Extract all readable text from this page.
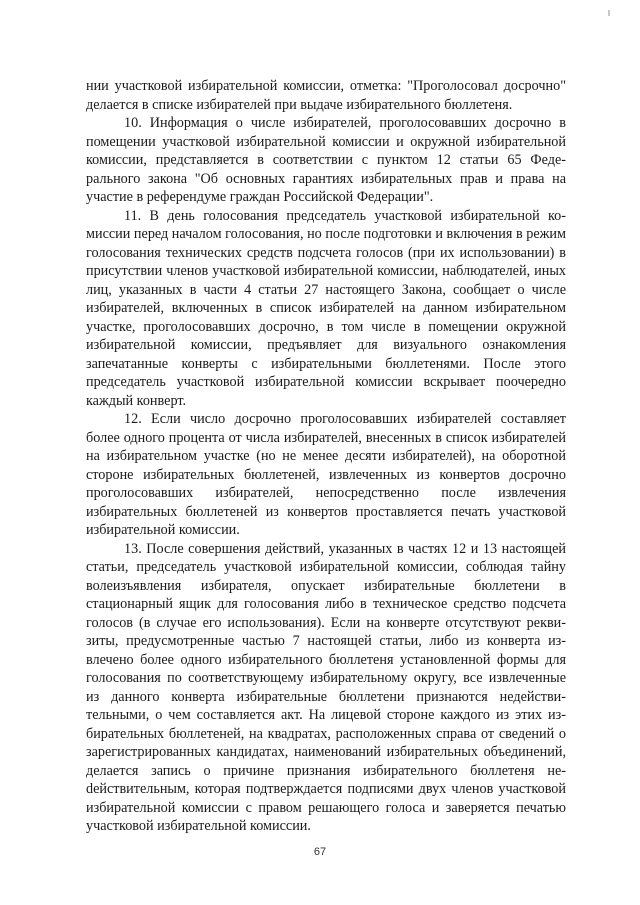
нии участковой избирательной комиссии, отметка: "Проголосовал досрочно" делается в списке избирателей при выдаче избирательного бюллетеня.

10. Информация о числе избирателей, проголосовавших досрочно в помещении участковой избирательной комиссии и окружной избирательной комиссии, представляется в соответствии с пунктом 12 статьи 65 Федерального закона "Об основных гарантиях избирательных прав и права на участие в референдуме граждан Российской Федерации".

11. В день голосования председатель участковой избирательной комиссии перед началом голосования, но после подготовки и включения в режим голосования технических средств подсчета голосов (при их использовании) в присутствии членов участковой избирательной комиссии, наблюдателей, иных лиц, указанных в части 4 статьи 27 настоящего Закона, сообщает о числе избирателей, включенных в список избирателей на данном избирательном участке, проголосовавших досрочно, в том числе в помещении окружной избирательной комиссии, предъявляет для визуального ознакомления запечатанные конверты с избирательными бюллетенями. После этого председатель участковой избирательной комиссии вскрывает поочередно каждый конверт.

12. Если число досрочно проголосовавших избирателей составляет более одного процента от числа избирателей, внесенных в список избирателей на избирательном участке (но не менее десяти избирателей), на оборотной стороне избирательных бюллетеней, извлеченных из конвертов досрочно проголосовавших избирателей, непосредственно после извлечения избирательных бюллетеней из конвертов проставляется печать участковой избирательной комиссии.

13. После совершения действий, указанных в частях 12 и 13 настоящей статьи, председатель участковой избирательной комиссии, соблюдая тайну волеизъявления избирателя, опускает избирательные бюллетени в стационарный ящик для голосования либо в техническое средство подсчета голосов (в случае его использования). Если на конверте отсутствуют реквизиты, предусмотренные частью 7 настоящей статьи, либо из конверта извлечено более одного избирательного бюллетеня установленной формы для голосования по соответствующему избирательному округу, все извлеченные из данного конверта избирательные бюллетени признаются недействительными, о чем составляется акт. На лицевой стороне каждого из этих избирательных бюллетеней, на квадратах, расположенных справа от сведений о зарегистрированных кандидатах, наименований избирательных объединений, делается запись о причине признания избирательного бюллетеня неdействительным, которая подтверждается подписями двух членов участковой избирательной комиссии с правом решающего голоса и заверяется печатью участковой избирательной комиссии.

67
